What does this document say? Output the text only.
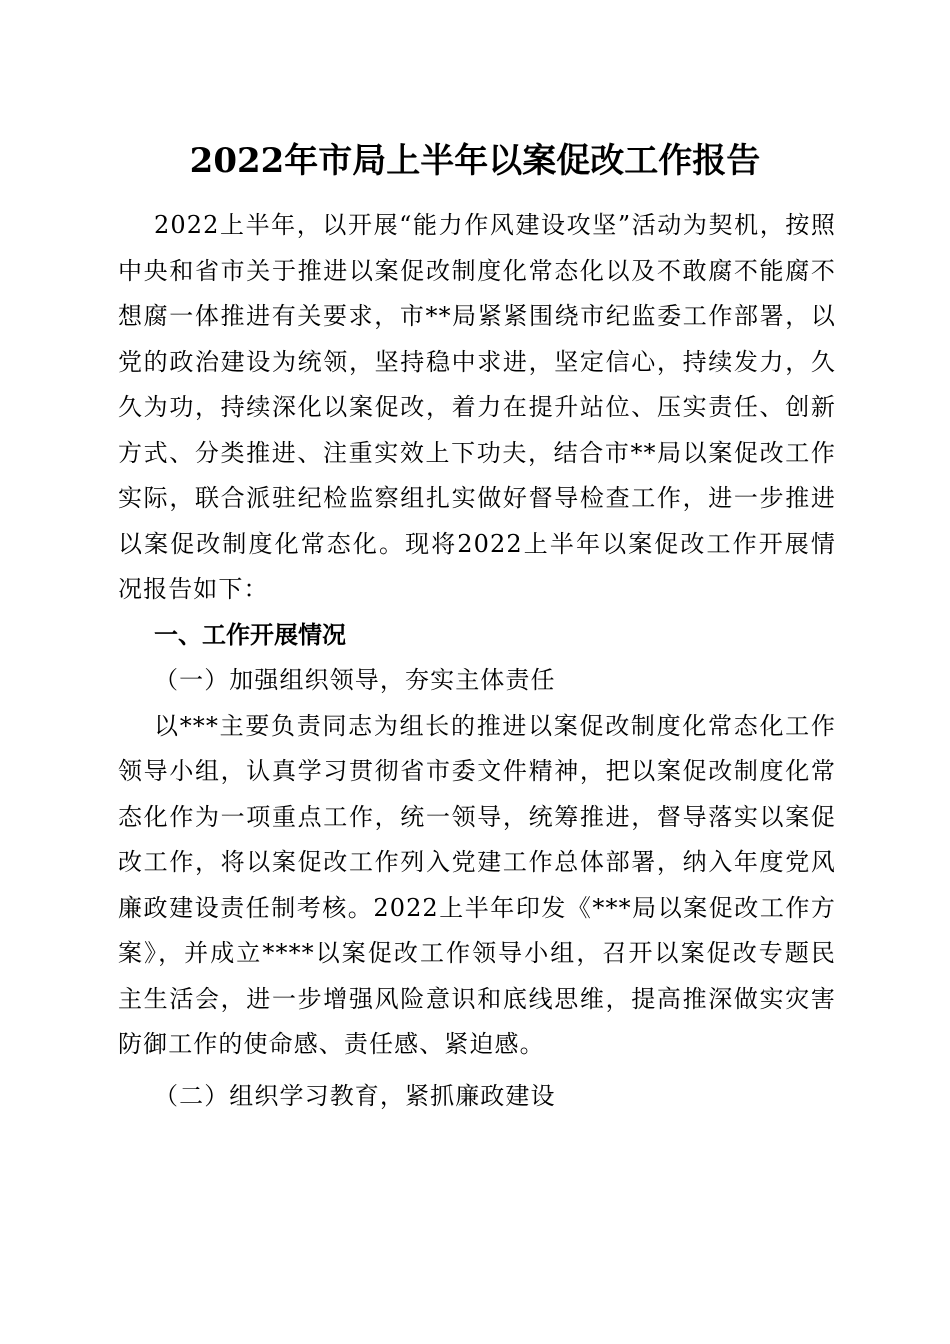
2022年市局上半年以案促改工作报告

2022上半年，以开展“能力作风建设攻坚”活动为契机，按照中央和省市关于推进以案促改制度化常态化以及不敢腐不能腐不想腐一体推进有关要求，市**局紧紧围绕市纪监委工作部署，以党的政治建设为统领，坚持稳中求进，坚定信心，持续发力，久久为功，持续深化以案促改，着力在提升站位、压实责任、创新方式、分类推进、注重实效上下功夫，结合市**局以案促改工作实际，联合派驻纪检监察组扎实做好督导检查工作，进一步推进以案促改制度化常态化。现将2022上半年以案促改工作开展情况报告如下：

一、工作开展情况
（一）加强组织领导，夯实主体责任

以***主要负责同志为组长的推进以案促改制度化常态化工作领导小组，认真学习贯彻省市委文件精神，把以案促改制度化常态化作为一项重点工作，统一领导，统筹推进，督导落实以案促改工作，将以案促改工作列入党建工作总体部署，纳入年度党风廉政建设责任制考核。2022上半年印发《***局以案促改工作方案》，并成立****以案促改工作领导小组，召开以案促改专题民主生活会，进一步增强风险意识和底线思维，提高推深做实灾害防御工作的使命感、责任感、紧迫感。

（二）组织学习教育，紧抓廉政建设
